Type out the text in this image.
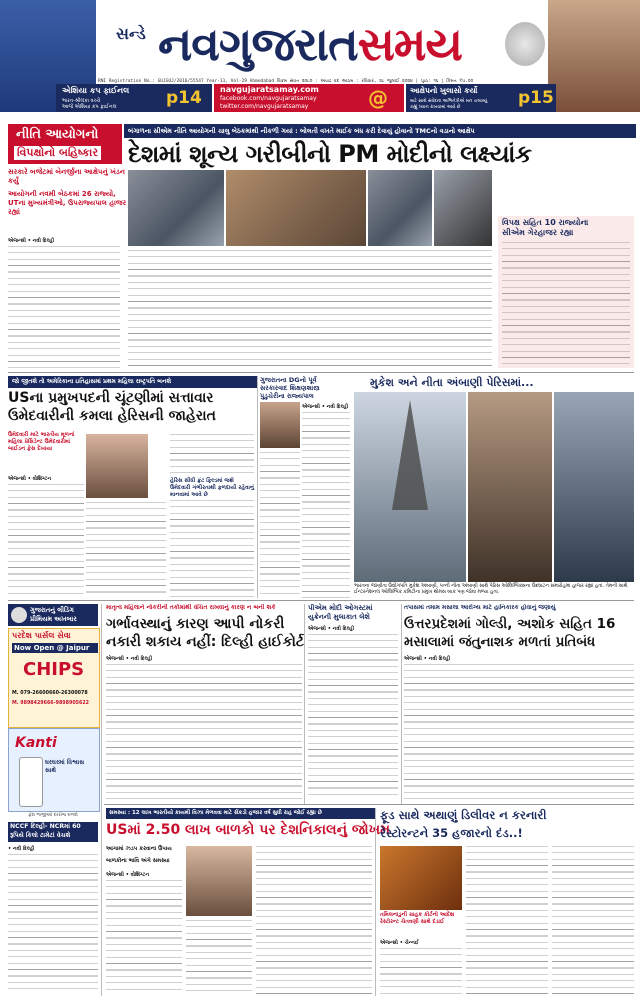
સન્ડે નવગુજરાતસમય
RNI Registration No.: GUJGUJ/2016/55547 Year-11, Vol-29 Ahmedabad વિક્રમ સંવત ૨૦૮૦ : અષાઢ વદ આઠમ : રવિવાર, ૨૮ જુલાઈ ૨૦૨૪ | પૃષ્ઠ: ૧૬ | કિંમત ₹૫.૦૦
એશિયા કપ ફાઈનલ
ભારત-શ્રીલંકા વચ્ચે
આજે એશિયા કપ ફાઈનલ	p14 navgujaratsamay.com
facebook.com/navgujaratsamay
twitter.com/navgujaratsamay	@	આક્ષેપનો ખુલાસો કર્યો
માટે સાથે સંવેદના અભિનેત્રીએ મન ચલાવ્યું
કહ્યું ધ્યાન રાખવામાં આવે છે	p15
નીતિ આયોગનો
વિપક્ષોનો બહિષ્કાર
બંગાળના સીએમ નીતિ આયોગની ચાલુ બેઠકમાંથી નીકળી ગયાં : બોલતી વખતે માઈક બંધ કરી દેવાયું હોવાનો TMCનો વડાનો આક્ષેપ
દેશમાં શૂન્ય ગરીબીનો PM મોદીનો લક્ષ્યાંક
સરકારે બજેટમાં બેનર્જીના આક્ષેપનું ખંડન કર્યું
આયોગની નવમી બેઠકમાં 26 રાજ્યો, UTના મુખ્યમંત્રીઓ, ઉપરાજ્યપાલ હાજર રહ્યાં
એજન્સી • નવી દિલ્હી
વિપક્ષ સહિત 10 રાજ્યોના
સીએમ ગેરહાજર રહ્યા
જો જીતશે તો અમેરિકાના ઇતિહાસમાં પ્રથમ મહિલા રાષ્ટ્રપતિ બનશે
USના પ્રમુખપદની ચૂંટણીમાં સત્તાવાર
ઉમેદવારીની કમલા હેરિસની જાહેરાત
ઉમેદવારી માટે ભારતીય મૂળનાં મહિલા પ્રેસિડેન્ટ ઉમેદવારીમાં બાઈડન ફેસ દેખાયા
એજન્સી • વોશિંગ્ટન	હેરિસ સીધી ફ્રંટ ફિલ્ડમાં જશે ઉમેદવારી ગંભીરતાથી ફળદાયી રહેવાનું માનવામાં આવે છે
ગુજરાતના DGનો પૂર્વ
સરકારવાદ શિક્ષણશાસ્ત્ર
પુડુચેરીના રાજ્યપાલ
એજન્સી • નવી દિલ્હી
મુકેશ અને નીતા અંબાણી પેરિસમાં...
ભારતના જાણીતા ઉદ્યોગપતિ મુકેશ અંબાણી, પત્ની નીતા અંબાણી સાથે પેરિસ ઓલિમ્પિક્સના ઉદઘાટન સમારોહમાં હાજર રહ્યાં હતાં. તેમની સાથે ઈન્ટરનેશનલ ઓલિમ્પિક કમિટીના પ્રમુખ થોમસ બાક પણ જોવા મળ્યા હતા.
ગુજરાતનું લીડિંગ
પ્રીમિયમ અખબાર
પરદેશ પાર્સલ સેવા
Now Open @ Jaipur
CHIPS
M. 079-26600660-26300078
M. 9898429666-9898905622
Kanti
ઘરઘરમાં વિશ્વાસ સાથે
ફ્રેશ ભાજીઓ દરરોજ મળશે
NCCF દિલ્હી- NCRમાં 60
રૂપિયે કિલો ટામેટાં વેચશે
• નવી દિલ્હી
માતૃત્વ મહિલાને નોકરીની તકોમાંથી વંચિત રાખવાનું કારણ ન બની શકે
ગર્ભાવસ્થાનું કારણ આપી નોકરી
નકારી શકાય નહીં: દિલ્હી હાઈકોર્ટ
એજન્સી • નવી દિલ્હી
પીએમ મોદી ઓગસ્ટમાં
યુક્રેનની મુલાકાત લેશે
એજન્સી • નવી દિલ્હી
તપાસમાં તમામ મસાલા આરોગ્ય માટે હાનિકારક હોવાનું જણાયું
ઉત્તરપ્રદેશમાં ગોલ્ડી, અશોક સહિત 16
મસાલામાં જંતુનાશક મળતાં પ્રતિબંધ
એજન્સી • નવી દિલ્હી
સમસ્યા : 12 લાખ ભારતીયો કાયમી વિઝા મેળવવા માટે સેંકડો હજાર વર્ષ સુધી રાહ જોઈ રહ્યા છે
USમાં 2.50 લાખ બાળકો પર દેશનિકાલનું જોખમ
આગામાં ઝડપ કરવાના ઉપાય
બાળકોના ભાવિ અંગે સમસ્યા
એજન્સી • વોશિંગ્ટન
ફૂડ સાથે અથાણું ડિલીવર ન કરનારી
રેસ્ટોરન્ટને 35 હજારનો દંડ..!
તમિલનાડુની ગ્રાહક કોર્ટનો આદેશ રેસ્ટોરન્ટ ચેતવણી સાથે દંડાઈ
એજન્સી • ચેન્નઈ
